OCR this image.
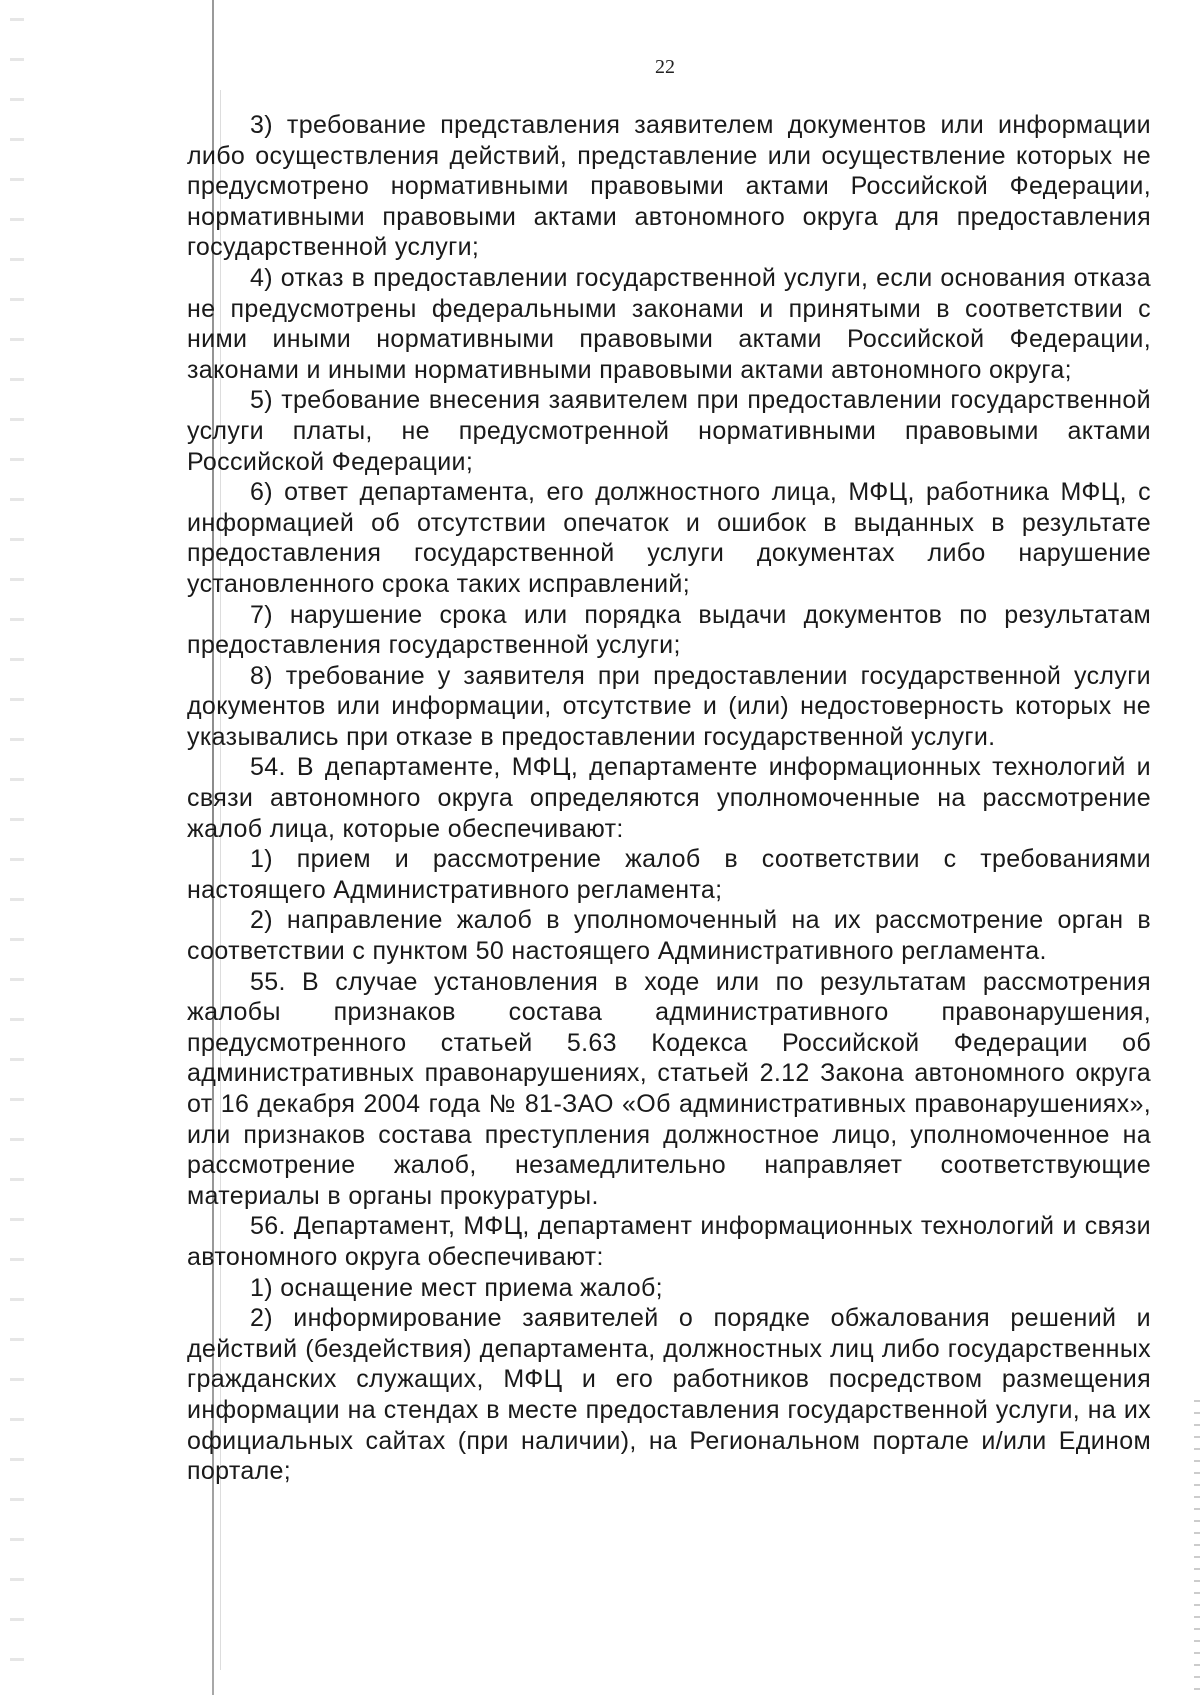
22

3) требование представления заявителем документов или информации либо осуществления действий, представление или осуществление которых не предусмотрено нормативными правовыми актами Российской Федерации, нормативными правовыми актами автономного округа для предоставления государственной услуги;

4) отказ в предоставлении государственной услуги, если основания отказа не предусмотрены федеральными законами и принятыми в соответствии с ними иными нормативными правовыми актами Российской Федерации, законами и иными нормативными правовыми актами автономного округа;

5) требование внесения заявителем при предоставлении государственной услуги платы, не предусмотренной нормативными правовыми актами Российской Федерации;

6) ответ департамента, его должностного лица, МФЦ, работника МФЦ, с информацией об отсутствии опечаток и ошибок в выданных в результате предоставления государственной услуги документах либо нарушение установленного срока таких исправлений;

7) нарушение срока или порядка выдачи документов по результатам предоставления государственной услуги;

8) требование у заявителя при предоставлении государственной услуги документов или информации, отсутствие и (или) недостоверность которых не указывались при отказе в предоставлении государственной услуги.

54. В департаменте, МФЦ, департаменте информационных технологий и связи автономного округа определяются уполномоченные на рассмотрение жалоб лица, которые обеспечивают:

1) прием и рассмотрение жалоб в соответствии с требованиями настоящего Административного регламента;

2) направление жалоб в уполномоченный на их рассмотрение орган в соответствии с пунктом 50 настоящего Административного регламента.

55. В случае установления в ходе или по результатам рассмотрения жалобы признаков состава административного правонарушения, предусмотренного статьей 5.63 Кодекса Российской Федерации об административных правонарушениях, статьей 2.12 Закона автономного округа от 16 декабря 2004 года № 81-ЗАО «Об административных правонарушениях», или признаков состава преступления должностное лицо, уполномоченное на рассмотрение жалоб, незамедлительно направляет соответствующие материалы в органы прокуратуры.

56. Департамент, МФЦ, департамент информационных технологий и связи автономного округа обеспечивают:

1) оснащение мест приема жалоб;

2) информирование заявителей о порядке обжалования решений и действий (бездействия) департамента, должностных лиц либо государственных гражданских служащих, МФЦ и его работников посредством размещения информации на стендах в месте предоставления государственной услуги, на их официальных сайтах (при наличии), на Региональном портале и/или Едином портале;
